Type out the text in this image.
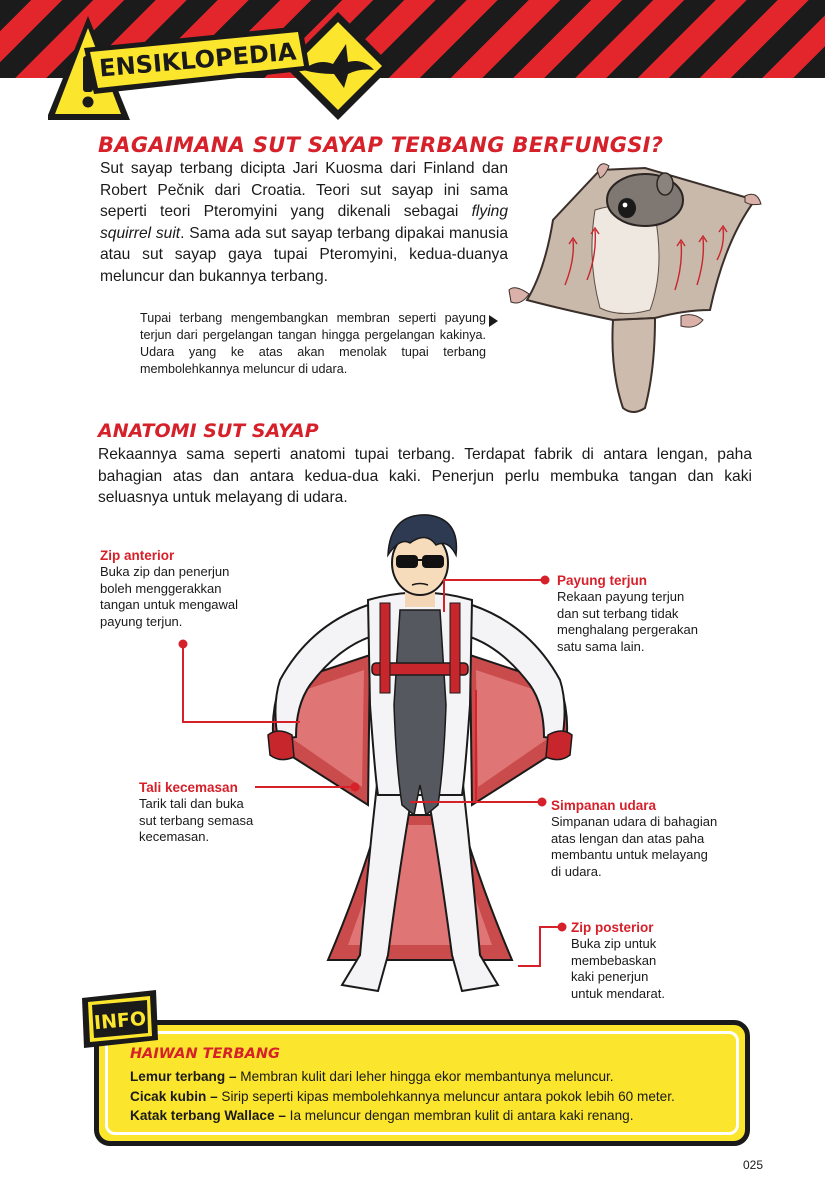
ENSIKLOPEDIA
BAGAIMANA SUT SAYAP TERBANG BERFUNGSI?

Sut sayap terbang dicipta Jari Kuosma dari Finland dan Robert Pečnik dari Croatia. Teori sut sayap ini sama seperti teori Pteromyini yang dikenali sebagai flying squirrel suit. Sama ada sut sayap terbang dipakai manusia atau sut sayap gaya tupai Pteromyini, kedua-duanya meluncur dan bukannya terbang.

Tupai terbang mengembangkan membran seperti payung terjun dari pergelangan tangan hingga pergelangan kakinya. Udara yang ke atas akan menolak tupai terbang membolehkannya meluncur di udara.

ANATOMI SUT SAYAP

Rekaannya sama seperti anatomi tupai terbang. Terdapat fabrik di antara lengan, paha bahagian atas dan antara kedua-dua kaki. Penerjun perlu membuka tangan dan kaki seluasnya untuk melayang di udara.

Zip anterior
Buka zip dan penerjun
boleh menggerakkan
tangan untuk mengawal
payung terjun.
Payung terjun
Rekaan payung terjun
dan sut terbang tidak
menghalang pergerakan
satu sama lain.
Tali kecemasan
Tarik tali dan buka
sut terbang semasa
kecemasan.
Simpanan udara
Simpanan udara di bahagian
atas lengan dan atas paha
membantu untuk melayang
di udara.
Zip posterior
Buka zip untuk
membebaskan
kaki penerjun
untuk mendarat.
INFO
HAIWAN TERBANG
Lemur terbang – Membran kulit dari leher hingga ekor membantunya meluncur.
Cicak kubin – Sirip seperti kipas membolehkannya meluncur antara pokok lebih 60 meter.
Katak terbang Wallace – Ia meluncur dengan membran kulit di antara kaki renang.
025
